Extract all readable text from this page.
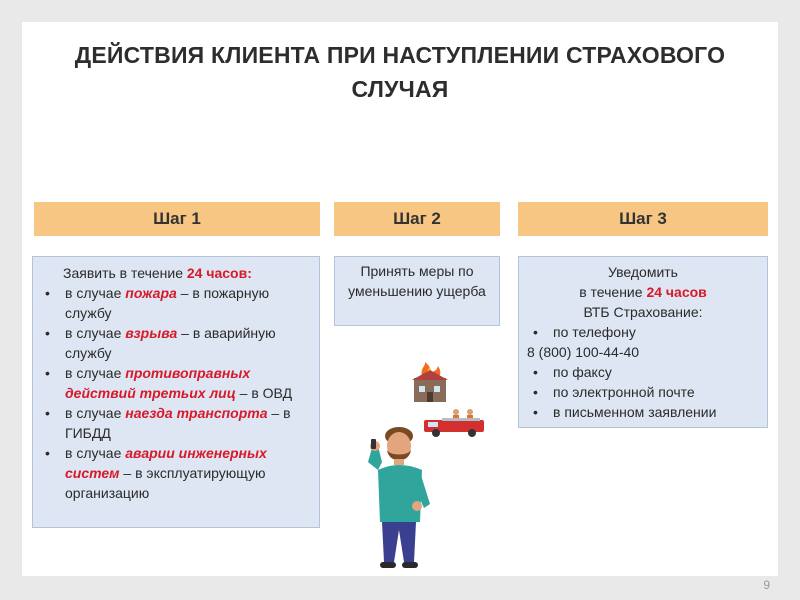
ДЕЙСТВИЯ КЛИЕНТА ПРИ НАСТУПЛЕНИИ СТРАХОВОГО
СЛУЧАЯ
Шаг 1	Шаг 2	Шаг 3
Заявить в течение 24 часов:
• в случае пожара – в пожарную службу
• в случае взрыва – в аварийную службу
• в случае противоправных действий третьих лиц – в ОВД
• в случае наезда транспорта – в ГИБДД
• в случае аварии инженерных систем – в эксплуатирующую организацию
Принять меры по уменьшению ущерба
Уведомить
в течение 24 часов
ВТБ Страхование:
• по телефону
8 (800) 100-44-40
• по факсу
• по электронной почте
• в письменном заявлении
9
